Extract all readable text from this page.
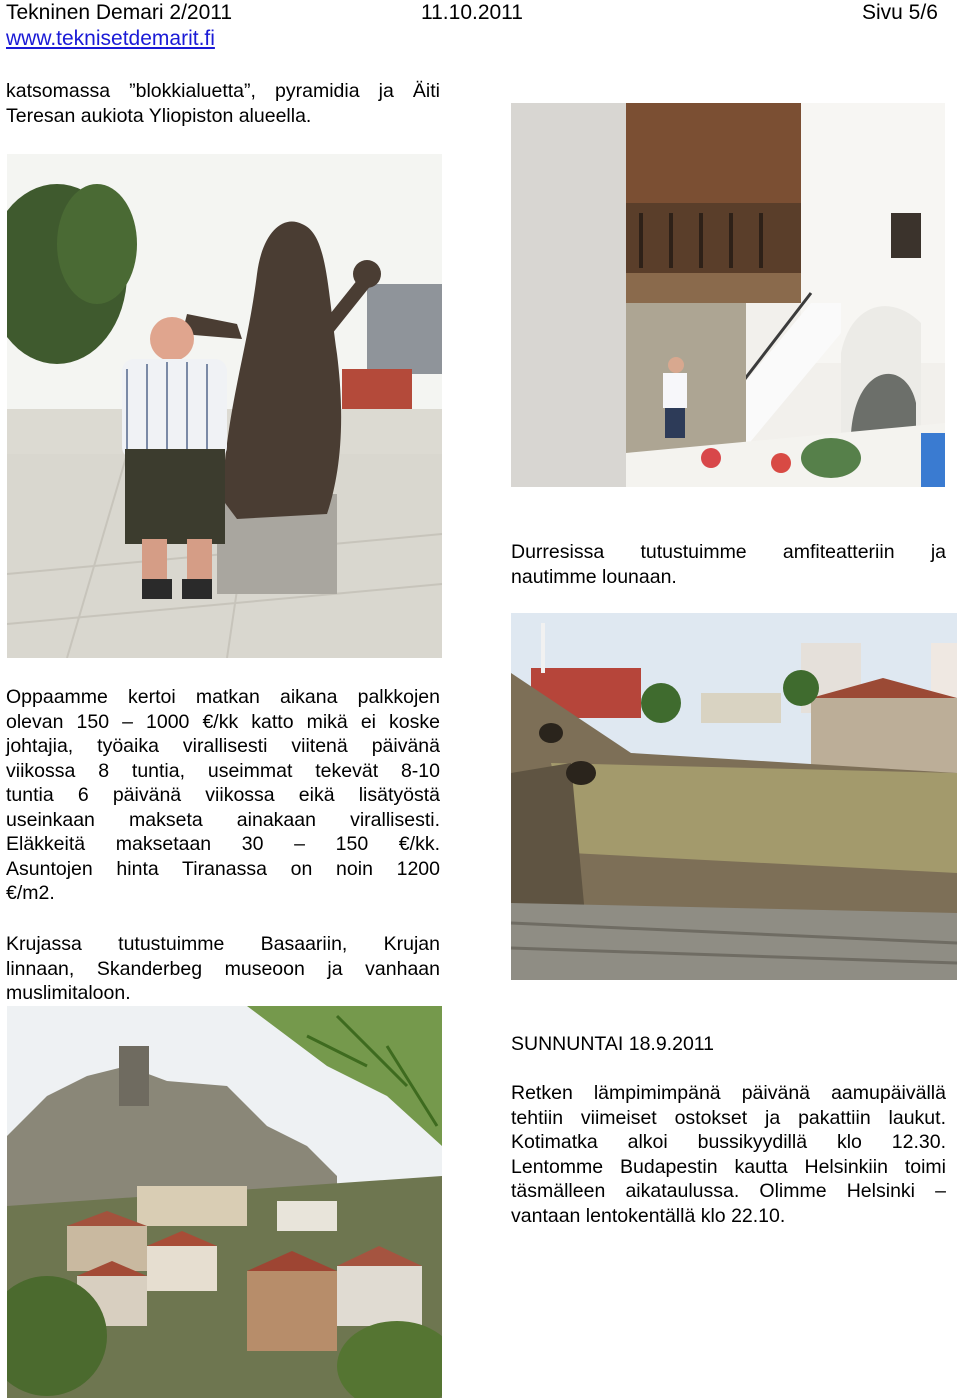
Tekninen Demari 2/2011	11.10.2011	Sivu 5/6
www.teknisetdemarit.fi
katsomassa ”blokkialuetta”, pyramidia ja Äiti
Teresan aukiota Yliopiston alueella.
Oppaamme kertoi matkan aikana palkkojen
olevan 150 – 1000 €/kk katto mikä ei koske
johtajia, työaika virallisesti viitenä päivänä
viikossa 8 tuntia, useimmat tekevät 8-10
tuntia 6 päivänä viikossa eikä lisätyöstä
useinkaan makseta ainakaan virallisesti.
Eläkkeitä maksetaan 30 – 150 €/kk.
Asuntojen hinta Tiranassa on noin 1200
€/m2.
Krujassa tutustuimme Basaariin, Krujan
linnaan, Skanderbeg museoon ja vanhaan
muslimitaloon.
Durresissa tutustuimme amfiteatteriin ja
nautimme lounaan.
SUNNUNTAI 18.9.2011
Retken lämpimimpänä päivänä aamupäivällä
tehtiin viimeiset ostokset ja pakattiin laukut.
Kotimatka alkoi bussikyydillä klo 12.30.
Lentomme Budapestin kautta Helsinkiin toimi
täsmälleen aikataulussa. Olimme Helsinki –
vantaan lentokentällä klo 22.10.
